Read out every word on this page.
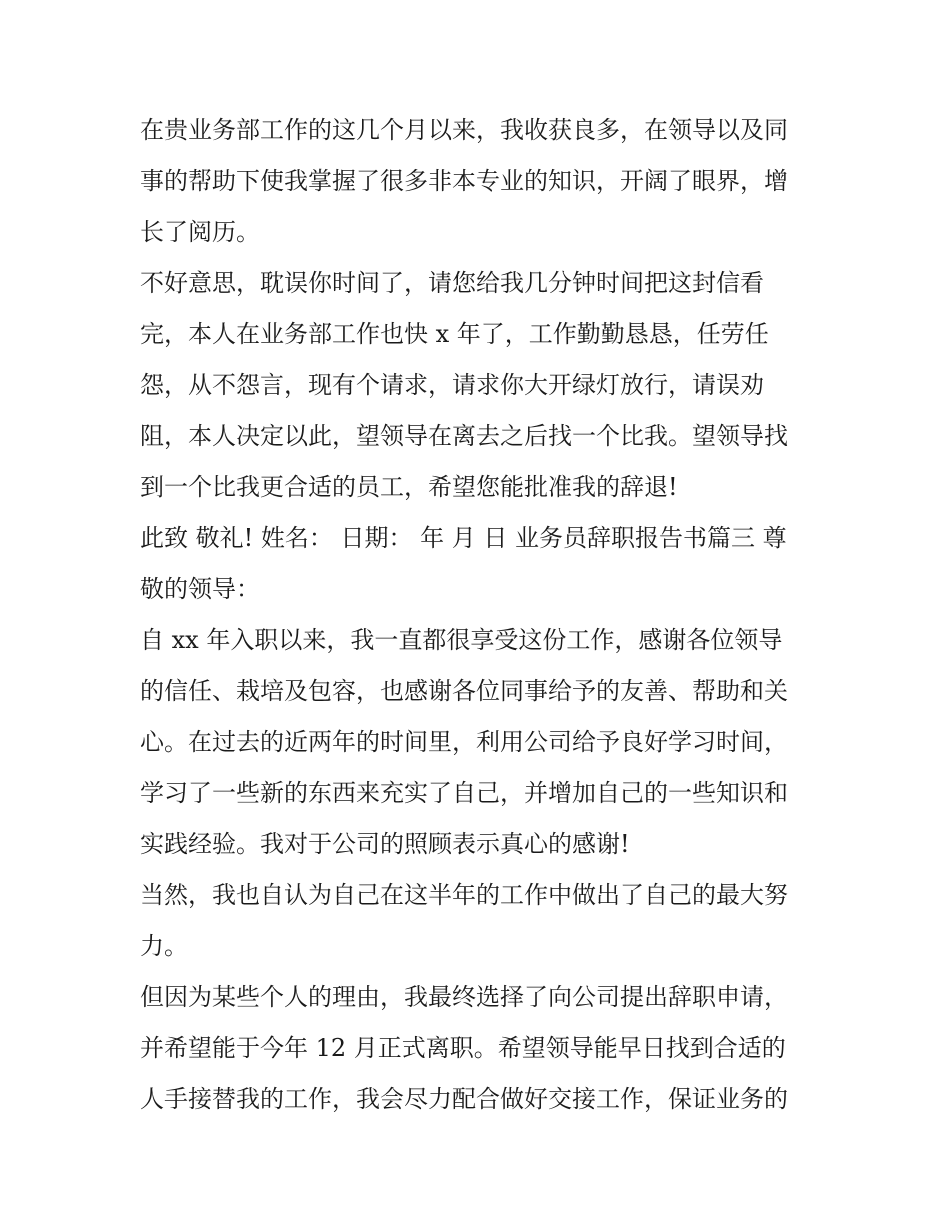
在贵业务部工作的这几个月以来，我收获良多，在领导以及同
事的帮助下使我掌握了很多非本专业的知识，开阔了眼界，增
长了阅历。
不好意思，耽误你时间了，请您给我几分钟时间把这封信看
完，本人在业务部工作也快 x 年了，工作勤勤恳恳，任劳任
怨，从不怨言，现有个请求，请求你大开绿灯放行，请误劝
阻，本人决定以此，望领导在离去之后找一个比我。望领导找
到一个比我更合适的员工，希望您能批准我的辞退!
此致 敬礼! 姓名： 日期： 年 月 日 业务员辞职报告书篇三 尊
敬的领导：
自 xx 年入职以来，我一直都很享受这份工作，感谢各位领导
的信任、栽培及包容，也感谢各位同事给予的友善、帮助和关
心。在过去的近两年的时间里，利用公司给予良好学习时间，
学习了一些新的东西来充实了自己，并增加自己的一些知识和
实践经验。我对于公司的照顾表示真心的感谢!
当然，我也自认为自己在这半年的工作中做出了自己的最大努
力。
但因为某些个人的理由，我最终选择了向公司提出辞职申请，
并希望能于今年 12 月正式离职。希望领导能早日找到合适的
人手接替我的工作，我会尽力配合做好交接工作，保证业务的
